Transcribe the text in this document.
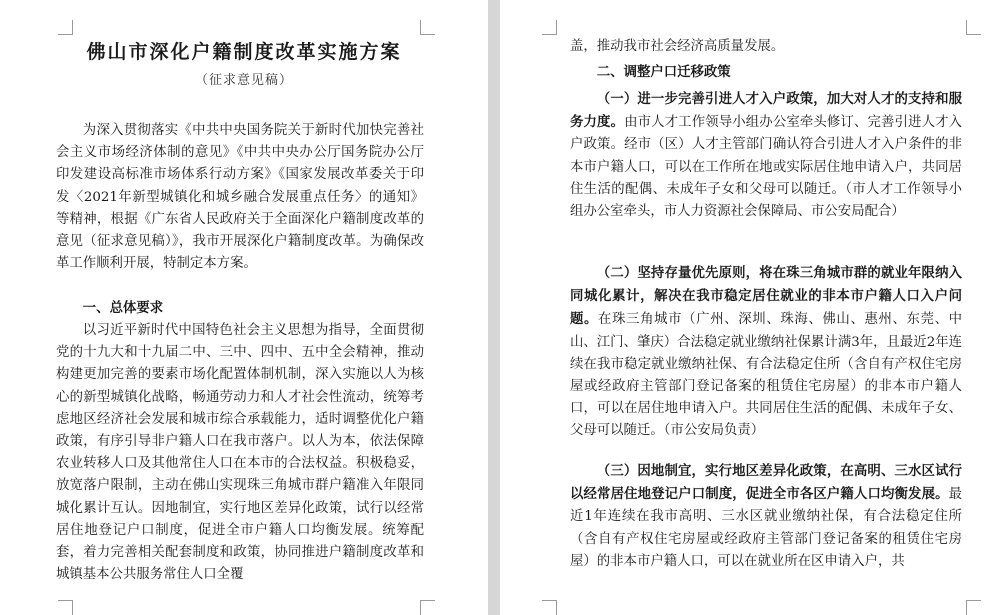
佛山市深化户籍制度改革实施方案
（征求意见稿）

为深入贯彻落实《中共中央国务院关于新时代加快完善社会主义市场经济体制的意见》《中共中央办公厅国务院办公厅印发建设高标准市场体系行动方案》《国家发展改革委关于印发〈2021年新型城镇化和城乡融合发展重点任务〉的通知》等精神，根据《广东省人民政府关于全面深化户籍制度改革的意见（征求意见稿）》，我市开展深化户籍制度改革。为确保改革工作顺利开展，特制定本方案。

一、总体要求

以习近平新时代中国特色社会主义思想为指导，全面贯彻党的十九大和十九届二中、三中、四中、五中全会精神，推动构建更加完善的要素市场化配置体制机制，深入实施以人为核心的新型城镇化战略，畅通劳动力和人才社会性流动，统筹考虑地区经济社会发展和城市综合承载能力，适时调整优化户籍政策，有序引导非户籍人口在我市落户。以人为本，依法保障农业转移人口及其他常住人口在本市的合法权益。积极稳妥，放宽落户限制，主动在佛山实现珠三角城市群户籍准入年限同城化累计互认。因地制宜，实行地区差异化政策，试行以经常居住地登记户口制度，促进全市户籍人口均衡发展。统筹配套，着力完善相关配套制度和政策，协同推进户籍制度改革和城镇基本公共服务常住人口全覆

盖，推动我市社会经济高质量发展。

二、调整户口迁移政策

（一）进一步完善引进人才入户政策，加大对人才的支持和服务力度。由市人才工作领导小组办公室牵头修订、完善引进人才入户政策。经市（区）人才主管部门确认符合引进人才入户条件的非本市户籍人口，可以在工作所在地或实际居住地申请入户，共同居住生活的配偶、未成年子女和父母可以随迁。（市人才工作领导小组办公室牵头，市人力资源社会保障局、市公安局配合）

（二）坚持存量优先原则，将在珠三角城市群的就业年限纳入同城化累计，解决在我市稳定居住就业的非本市户籍人口入户问题。在珠三角城市（广州、深圳、珠海、佛山、惠州、东莞、中山、江门、肇庆）合法稳定就业缴纳社保累计满3年，且最近2年连续在我市稳定就业缴纳社保、有合法稳定住所（含自有产权住宅房屋或经政府主管部门登记备案的租赁住宅房屋）的非本市户籍人口，可以在居住地申请入户。共同居住生活的配偶、未成年子女、父母可以随迁。（市公安局负责）

（三）因地制宜，实行地区差异化政策，在高明、三水区试行以经常居住地登记户口制度，促进全市各区户籍人口均衡发展。最近1年连续在我市高明、三水区就业缴纳社保，有合法稳定住所（含自有产权住宅房屋或经政府主管部门登记备案的租赁住宅房屋）的非本市户籍人口，可以在就业所在区申请入户，共
